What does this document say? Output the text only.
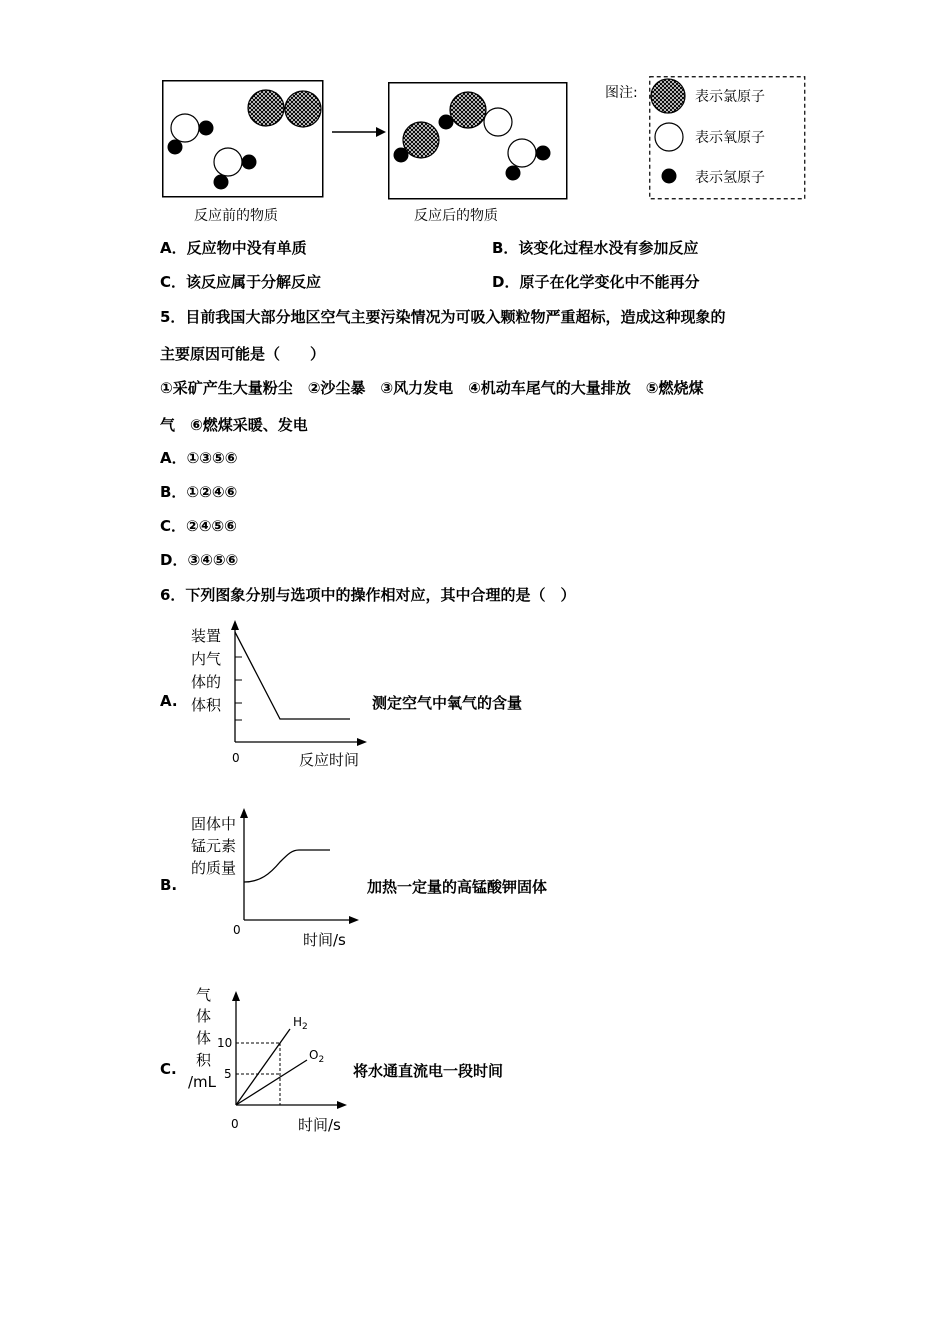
反应前的物质	反应后的物质
图注:	表示氯原子
表示氧原子
表示氢原子
A．反应物中没有单质	B．该变化过程水没有参加反应
C．该反应属于分解反应	D．原子在化学变化中不能再分
5．目前我国大部分地区空气主要污染情况为可吸入颗粒物严重超标，造成这种现象的
主要原因可能是（　　）
①采矿产生大量粉尘　②沙尘暴　③风力发电　④机动车尾气的大量排放　⑤燃烧煤
气　⑥燃煤采暖、发电
A．①③⑤⑥
B．①②④⑥
C．②④⑤⑥
D．③④⑤⑥
6．下列图象分别与选项中的操作相对应，其中合理的是（　）
A.
装置 内气 体的 体积
0	反应时间
测定空气中氧气的含量
B.
固体中 锰元素 的质量
0
时间/s
加热一定量的高锰酸钾固体
C.
气 体 体 积 /mL
10
5
$H_2$
$O_2$
0	时间/s
将水通直流电一段时间
